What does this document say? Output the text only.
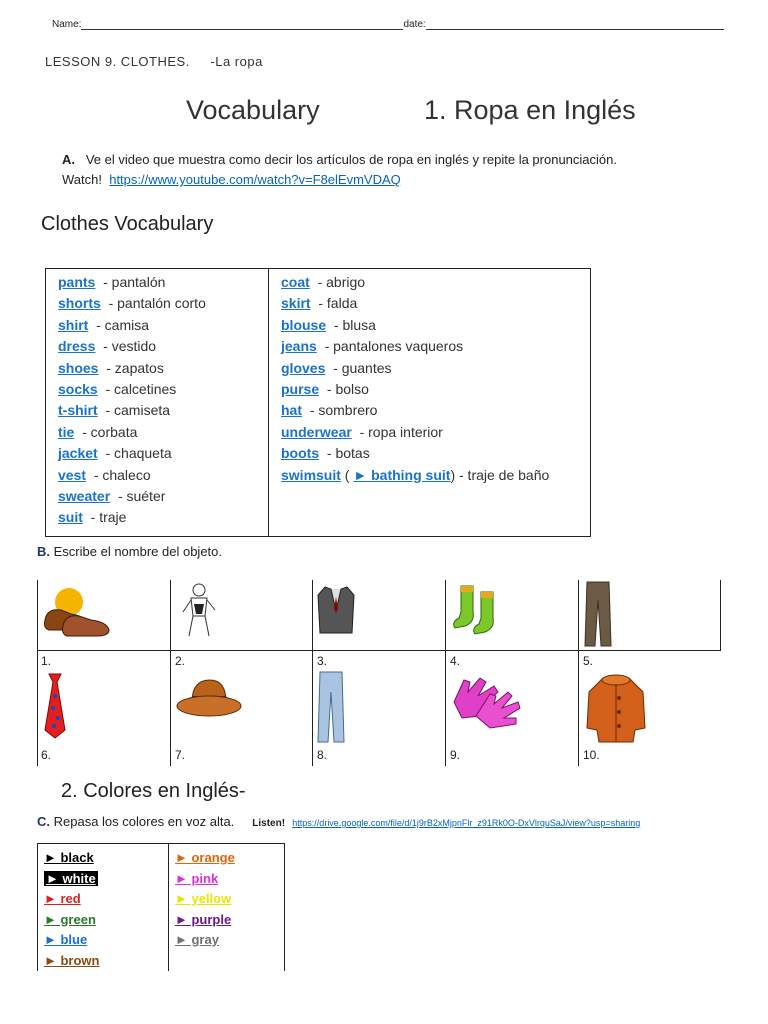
Name:	date:
LESSON 9. CLOTHES.     -La ropa
Vocabulary	1. Ropa en Inglés
A. Ve el video que muestra como decir los artículos de ropa en inglés y repite la pronunciación.
Watch! https://www.youtube.com/watch?v=F8elEvmVDAQ
Clothes Vocabulary
pants - pantalón
shorts - pantalón corto
shirt - camisa
dress - vestido
shoes - zapatos
socks - calcetines
t-shirt - camiseta
tie - corbata
jacket - chaqueta
vest - chaleco
sweater - suéter
suit - traje

coat - abrigo
skirt - falda
blouse - blusa
jeans - pantalones vaqueros
gloves - guantes
purse - bolso
hat - sombrero
underwear - ropa interior
boots - botas
swimsuit ( ► bathing suit) - traje de baño
B. Escribe el nombre del objeto.
1.	2.	3.	4.	5.
6.	7.	8.	9.	10.
2. Colores en Inglés-
C.
Repasa los colores en voz alta. Listen!
https://drive.google.com/file/d/1j9rB2xMjpnFlr_z91Rk0O-DxVlrquSaJ/view?usp=sharing
► black
► white
► red
► green
► blue
► brown

► orange
► pink
► yellow
► purple
► gray
